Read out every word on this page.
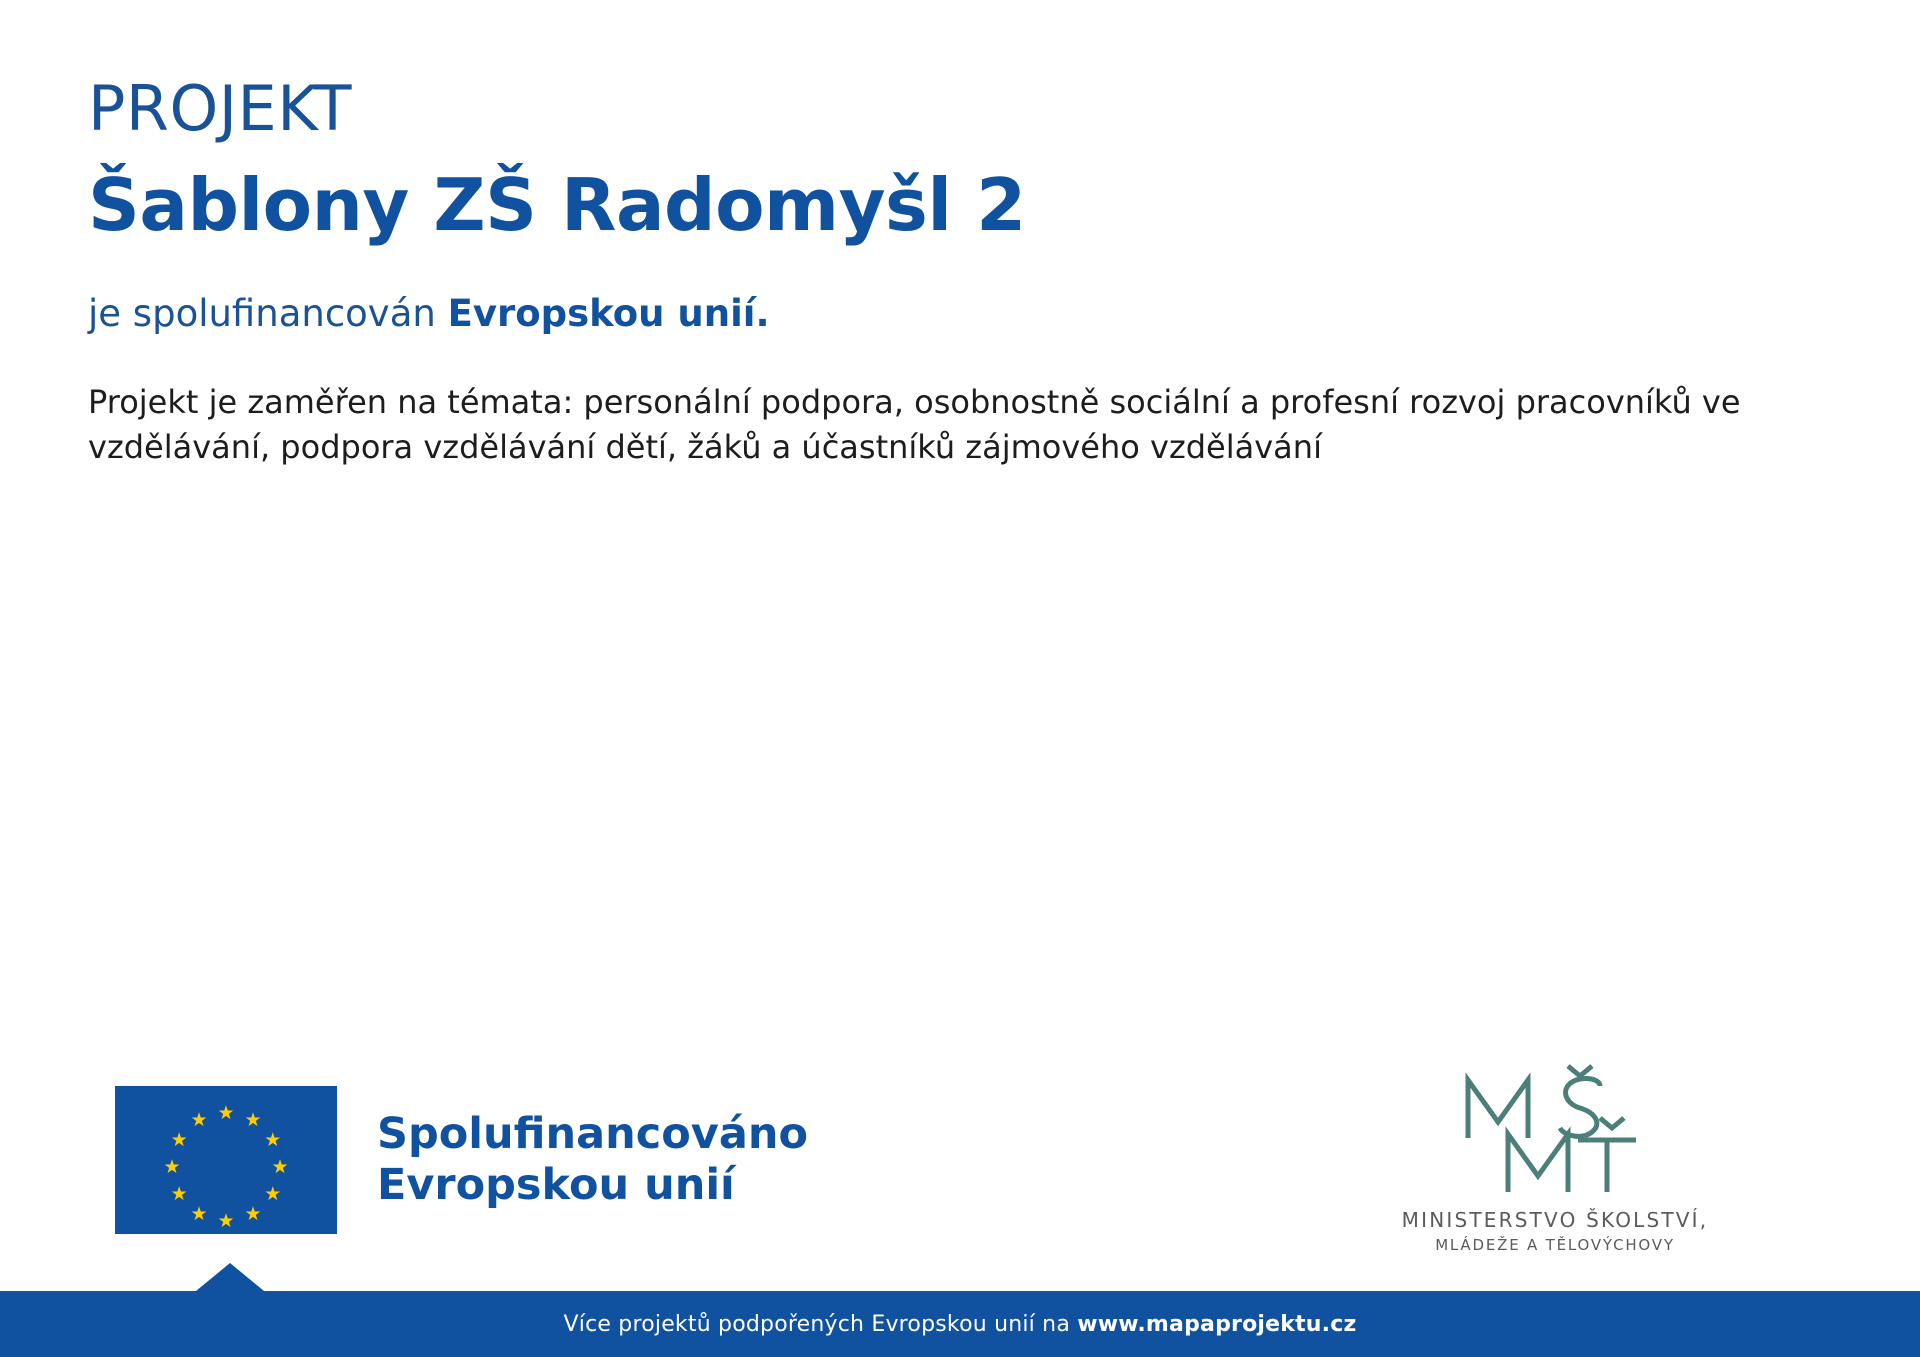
PROJEKT
Šablony ZŠ Radomyšl 2
je spolufinancován Evropskou unií.

Projekt je zaměřen na témata: personální podpora, osobnostně sociální a profesní rozvoj pracovníků ve vzdělávání, podpora vzdělávání dětí, žáků a účastníků zájmového vzdělávání

★ ★
★
★
★
★
★
★
★
★
★
★	Spolufinancováno
Evropskou unií
MINISTERSTVO ŠKOLSTVÍ,
MLÁDEŽE A TĚLOVÝCHOVY
Více projektů podpořených Evropskou unií na www.mapaprojektu.cz
